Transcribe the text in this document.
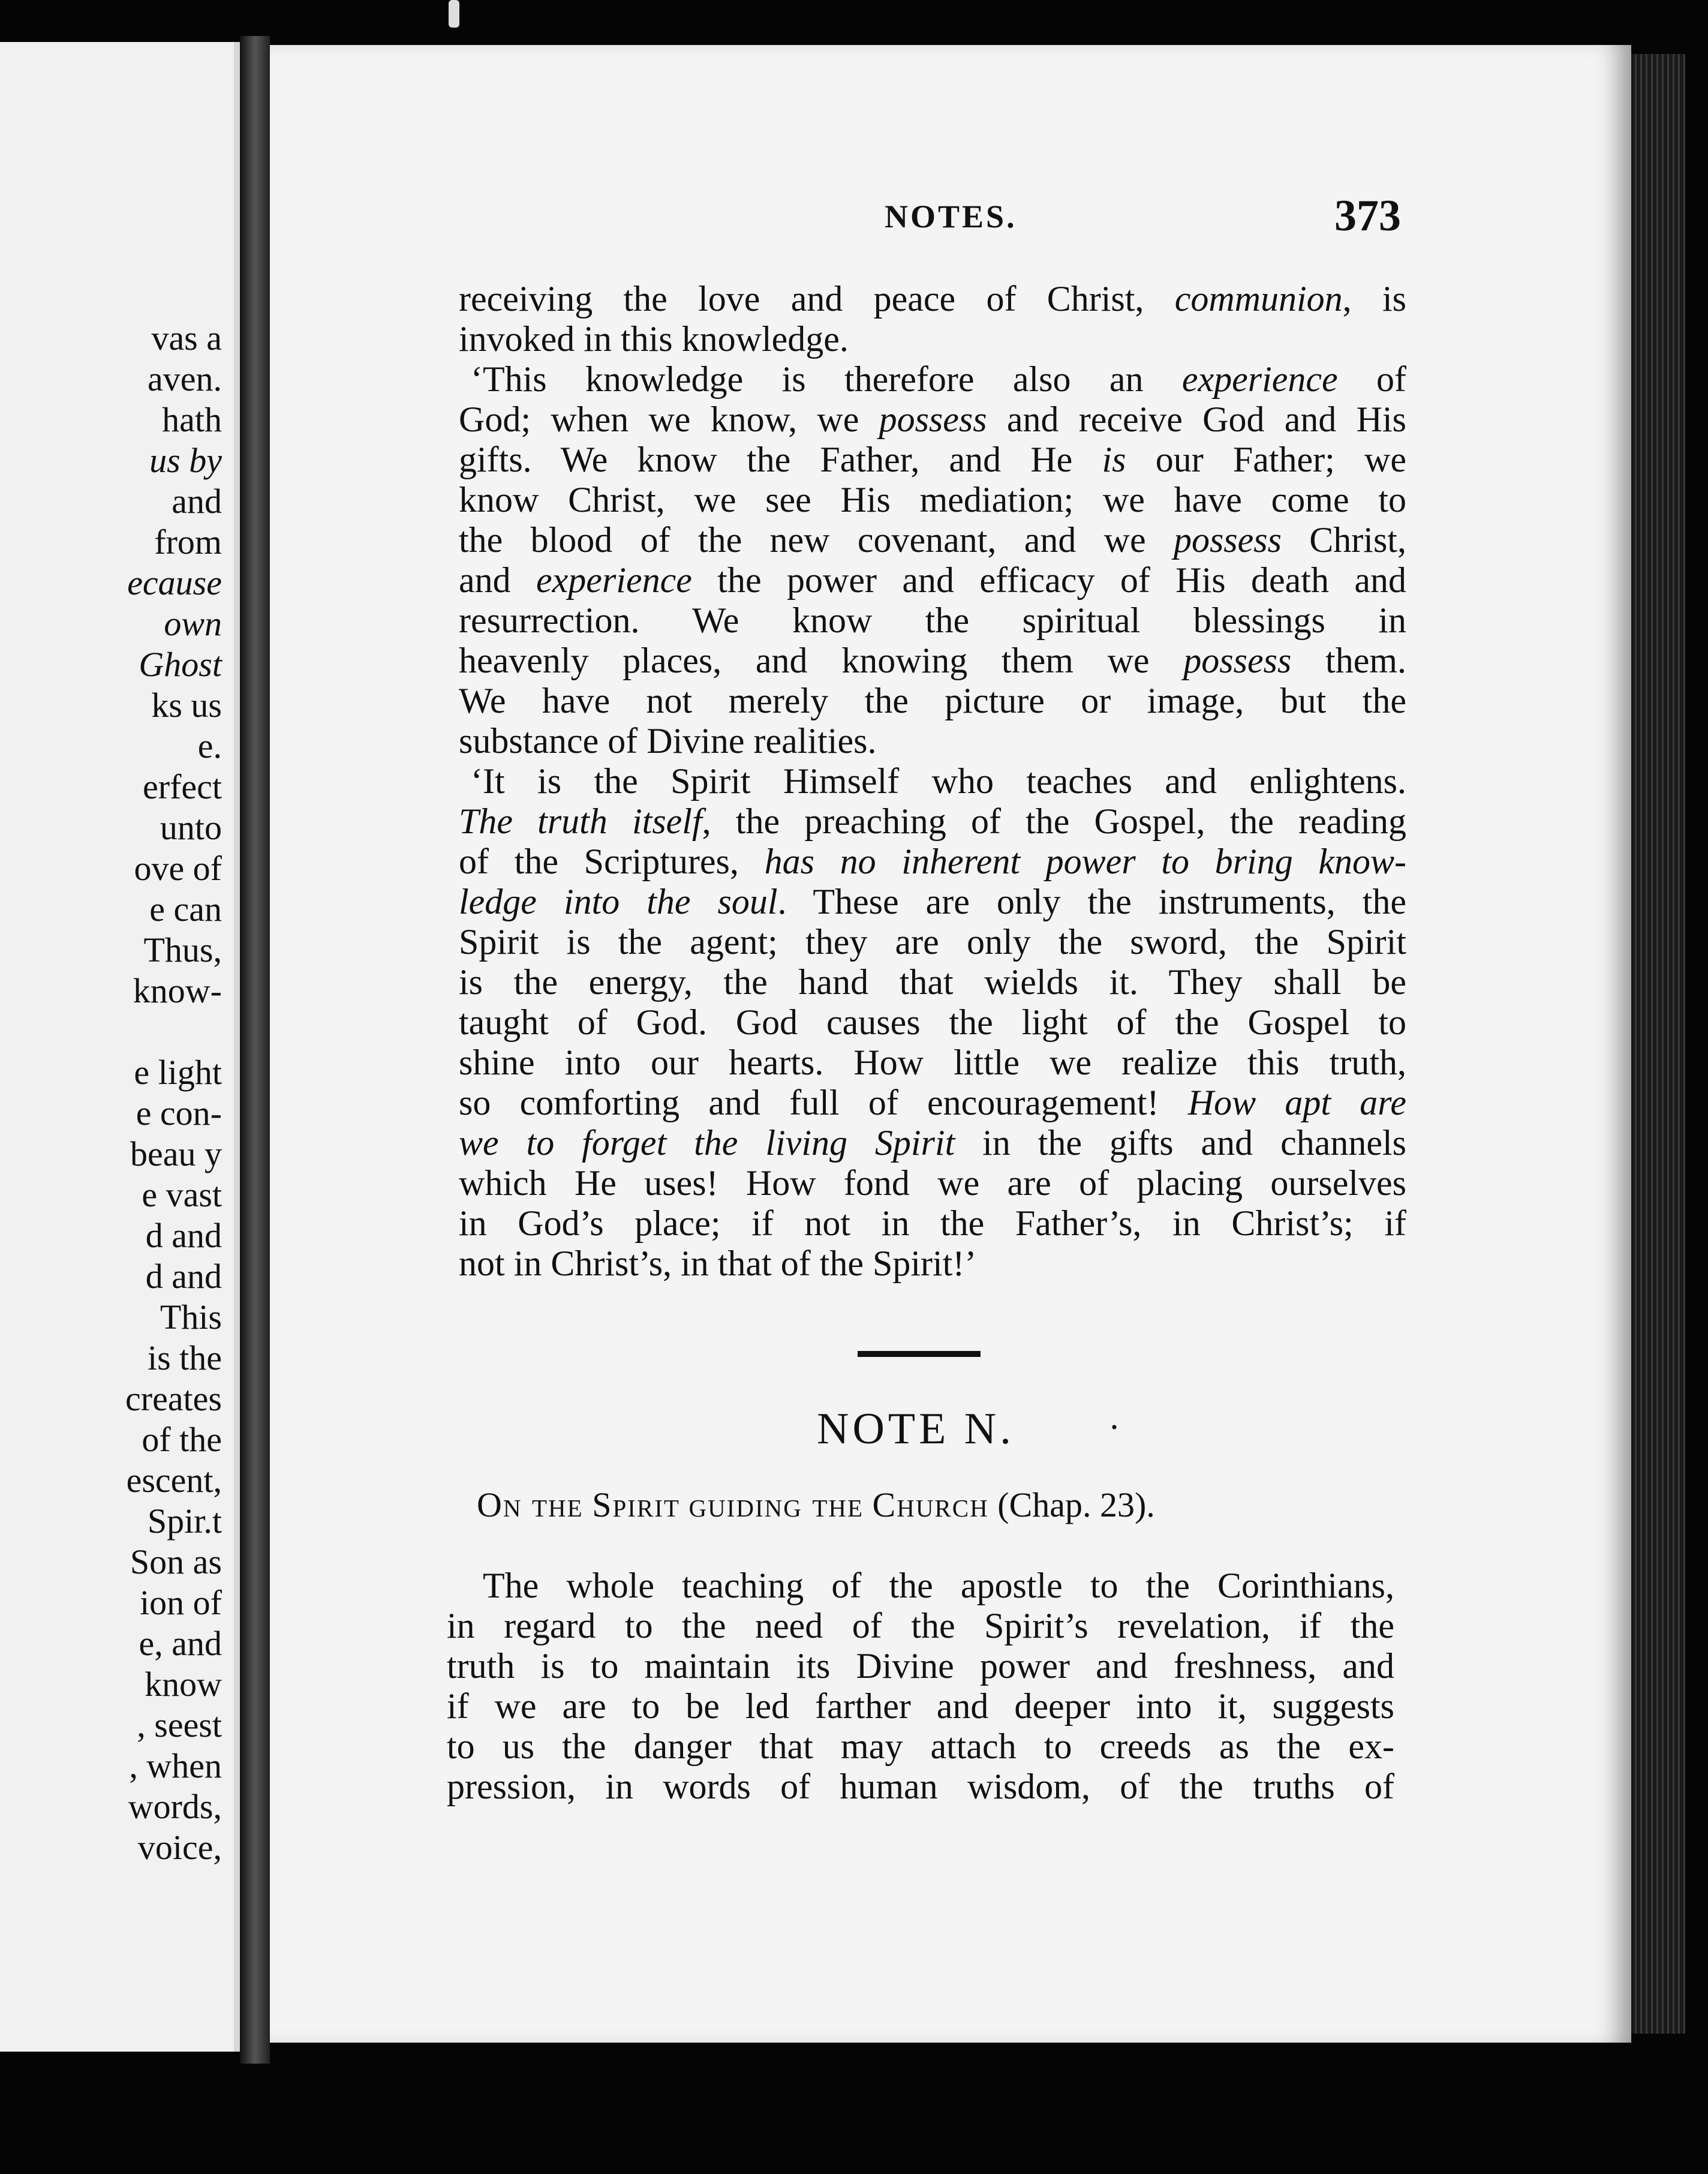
vas a
aven.
hath
us by
and
from
ecause
own
Ghost
ks us
e.
erfect
unto
ove of
e can
Thus,
know-
e light
e con-
beau y
e vast
d and
d and
This
is the
creates
of the
escent,
Spir.t
Son as
ion of
e, and
know
, seest
, when
words,
voice,
NOTES.	373

receiving the love and peace of Christ, communion, is
invoked in this knowledge.

‘This knowledge is therefore also an experience of
God; when we know, we possess and receive God and His
gifts. We know the Father, and He is our Father; we
know Christ, we see His mediation; we have come to
the blood of the new covenant, and we possess Christ,
and experience the power and efficacy of His death and
resurrection. We know the spiritual blessings in
heavenly places, and knowing them we possess them.
We have not merely the picture or image, but the
substance of Divine realities.

‘It is the Spirit Himself who teaches and enlightens.
The truth itself, the preaching of the Gospel, the reading
of the Scriptures, has no inherent power to bring know-
ledge into the soul. These are only the instruments, the
Spirit is the agent; they are only the sword, the Spirit
is the energy, the hand that wields it. They shall be
taught of God. God causes the light of the Gospel to
shine into our hearts. How little we realize this truth,
so comforting and full of encouragement! How apt are
we to forget the living Spirit in the gifts and channels
which He uses! How fond we are of placing ourselves
in God’s place; if not in the Father’s, in Christ’s; if
not in Christ’s, in that of the Spirit!’

NOTE N.	·
On the Spirit guiding the Church (Chap. 23).

The whole teaching of the apostle to the Corinthians,
in regard to the need of the Spirit’s revelation, if the
truth is to maintain its Divine power and freshness, and
if we are to be led farther and deeper into it, suggests
to us the danger that may attach to creeds as the ex-
pression, in words of human wisdom, of the truths of
